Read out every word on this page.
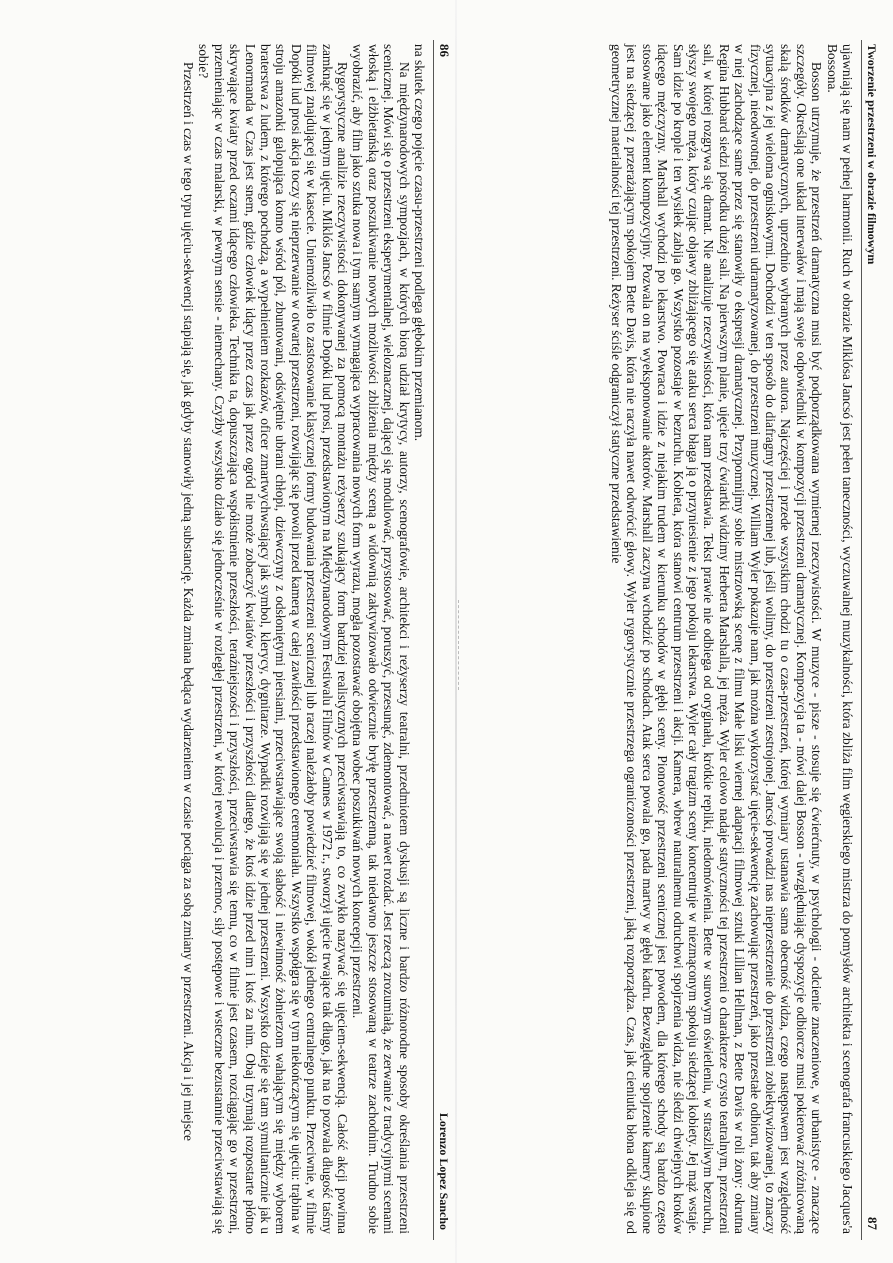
86
Lorenzo Lopez Sancho

na skutek czego pojęcie czasu-przestrzeni podlega głębokim przemianom.

Na międzynarodowych sympozjach, w których biorą udział krytycy, autorzy, scenografowie, architekci i reżyserzy teatralni, przedmiotem dyskusji są liczne i bardzo różnorodne sposoby określania przestrzeni scenicznej. Mówi się o przestrzeni eksperymentalnej, wieloznacznej, dającej się modulować, przystosować, poruszyć, przesunąć, zdemontować, a nawet rozdać. Jest rzeczą zrozumiałą, że zerwanie z tradycyjnymi scenami włoską i elżbietańską oraz poszukiwanie nowych możliwości zbliżenia między sceną a widownią zaktywizowało odwiecznie bryłę przestrzenną, tak niedawno jeszcze stosowaną w teatrze zachodnim. Trudno sobie wyobrazić, aby film jako sztuka nowa i tym samym wymagająca wypracowania nowych form wyrazu, mogła pozostawać obojętna wobec poszukiwań nowych koncepcji przestrzeni.

Rygorystyczne analizie rzeczywistości dokonywanej za pomocą montażu reżyserzy szukający form bardziej realistycznych przeciwstawiają to, co zwykło nazywać się ujęciem-sekwencją. Całość akcji powinna zamknąć się w jednym ujęciu. Miklós Jancsó w filmie Dopóki lud prosi, przedstawionym na Międzynarodowym Festiwalu Filmów w Cannes w 1972 r., stworzył ujęcie trwające tak długo, jak na to pozwala długość taśmy filmowej znajdującej się w kasecie. Uniemożliwiło to zastosowanie klasycznej formy budowania przestrzeni scenicznej lub raczej należałoby powiedzieć filmowej, wokół jednego centralnego punktu. Przeciwnie, w filmie Dopóki lud prosi akcja toczy się nieprzerwanie w otwartej przestrzeni, rozwijając się powoli przed kamerą w całej zawiłości przedstawionego ceremoniału. Wszystko współgra się w tym niekończącym się ujęciu: trąbina w stroju amazonki galopująca konno wśród pól, zbuntowani, odświętnie ubrani chłopi, dziewczyny z odsłoniętymi piersiami, przeciwstawiające swoją słabość i niewinność żołnierzom wahającym się między wyborem braterstwa z ludem, z którego pochodzą, a wypełnieniem rozkazów, oficer zmartwychwstający jak symbol, klerycy, dygnitarze. Wypadki rozwijają się w jednej przestrzeni. Wszystko dzieje się tam symultanicznie jak u Lenormanda w Czas jest snem, gdzie człowiek idący przez czas jak przez ogród nie może zobaczyć kwiatów przeszłości i przyszłości dlatego, że ktoś idzie przed nim i ktoś za nim. Obaj trzymają rozpostarte płótno skrywające kwiaty przed oczami idącego człowieka. Technika ta, dopuszczająca współistnienie przeszłości, teraźniejszości i przyszłości, przeciwstawia się temu, co w filmie jest czasem, rozciągając go w przestrzeni, przemieniając w czas malarski, w pewnym sensie - niemechany. Czyżby wszystko działo się jednocześnie w rozległej przestrzeni, w której rewolucja i przemoc, siły postępowe i wsteczne bezustannie przeciwstawiają się sobie?

Przestrzeń i czas w tego typu ujęciu-sekwencji stapiają się, jak gdyby stanowiły jedną substancję. Każda zmiana będąca wydarzeniem w czasie pociąga za sobą zmiany w przestrzeni. Akcja i jej miejsce	Tworzenie przestrzeni w obrazie filmowym
87

ujawniają się nam w pełnej harmonii. Ruch w obrazie Miklósa Jancsó jest pełen taneczności, wyczuwalnej muzykalności, która zbliża film węgierskiego mistrza do pomysłów architekta i scenografa francuskiego Jacques'a Bossona.

Bosson utrzymuje, że przestrzeń dramatyczna musi być podporządkowana wymiernej rzeczywistości. W muzyce - pisze - stosuje się ćwierćnuty, w psychologii - odcienie znaczeniowe, w urbanistyce - znaczące szczegóły. Określają one układ interwałów i mają swoje odpowiedniki w kompozycji przestrzeni dramatycznej. Kompozycja ta - mówi dalej Bosson - uwzględniając dyspozycje odbiorcze musi pokierować zróżnicowaną skalą środków dramatycznych, uprzednio wybranych przez autora. Najczęściej i przede wszystkim chodzi tu o czas-przestrzeń, której wymiary ustanawia sama obecność widza, czego następstwem jest względność sytuacyjna z jej wieloma ogniskowymi. Dochodzi w ten sposób do diafragmy przestrzennej lub, jeśli wolimy, do przestrzeni zestrojonej. Jancsó prowadzi nas nieprzestrzenie do przestrzeni zobiektywizowanej, to znaczy fizycznej, nieodwrotnej, do przestrzeni udramatyzowanej, do przestrzeni muzycznej. William Wyler pokazuje nam, jak można wykorzystać ujęcie-sekwencję zachowując przestrzeń, jako przestałe odbioru, tak aby zmiany w niej zachodzące same przez się stanowiły o ekspresji dramatycznej. Przypomnijmy sobie mistrzowską scenę z filmu Małe liski wiernej adaptacji filmowej sztuki Lillian Hellman, z Bette Davis w roli żony: okrutna Regina Hubbard siedzi pośrodku dużej sali. Na pierwszym planie, ujęcie trzy ćwiartki widzimy Herberta Marshalla, jej męża. Wyler celowo nadaje statyczności tej przestrzeni o charakterze czysto teatralnym, przestrzeni sali, w której rozgrywa się dramat. Nie analizuje rzeczywistości, która nam przedstawia. Tekst prawie nie odbiega od oryginału, krótkie repliki, niedomówienia. Bette w surowym oświetleniu, w straszliwym bezruchu, słyszy swojego męża, który czując objawy zbliżającego się ataku serca błaga ją o przyniesienie z jego pokoju lekarstwa. Wyler cały tragizm sceny koncentruje w niezmąconym spokoju siedzącej kobiety. Jej mąż wstaje. Sam idzie po krople i ten wysiłek zabija go. Wszystko pozostaje w bezruchu. Kobieta, która stanowi centrum przestrzeni i akcji. Kamera, wbrew naturalnemu odruchowi spojrzenia widza, nie śledzi chwiejnych kroków idącego mężczyzny. Marshall wychodzi po lekarstwo. Powraca i idzie z niejakim trudem w kierunku schodów w głębi sceny. Pionowość przestrzeni scenicznej jest powodem, dla którego schody są bardzo często stosowane jako element kompozycyjny. Pozwala on na wyeksponowanie aktorów. Marshall zaczyna wchodzić po schodach. Atak serca powala go, pada martwy w głębi kadru. Bezwzględne spojrzenie kamery skupione jest na siedzącej z przerażającym spokojem Bette Davis, która nie raczyła nawet odwrócić głowy. Wyler rygorystycznie przestrzega ograniczoności przestrzeni, jaką rozporządza. Czas, jak cieniutka błona odkleja się od geometrycznej materialności tej przestrzeni. Reżyser ściśle odgraniczył statyczne przedstawienie
